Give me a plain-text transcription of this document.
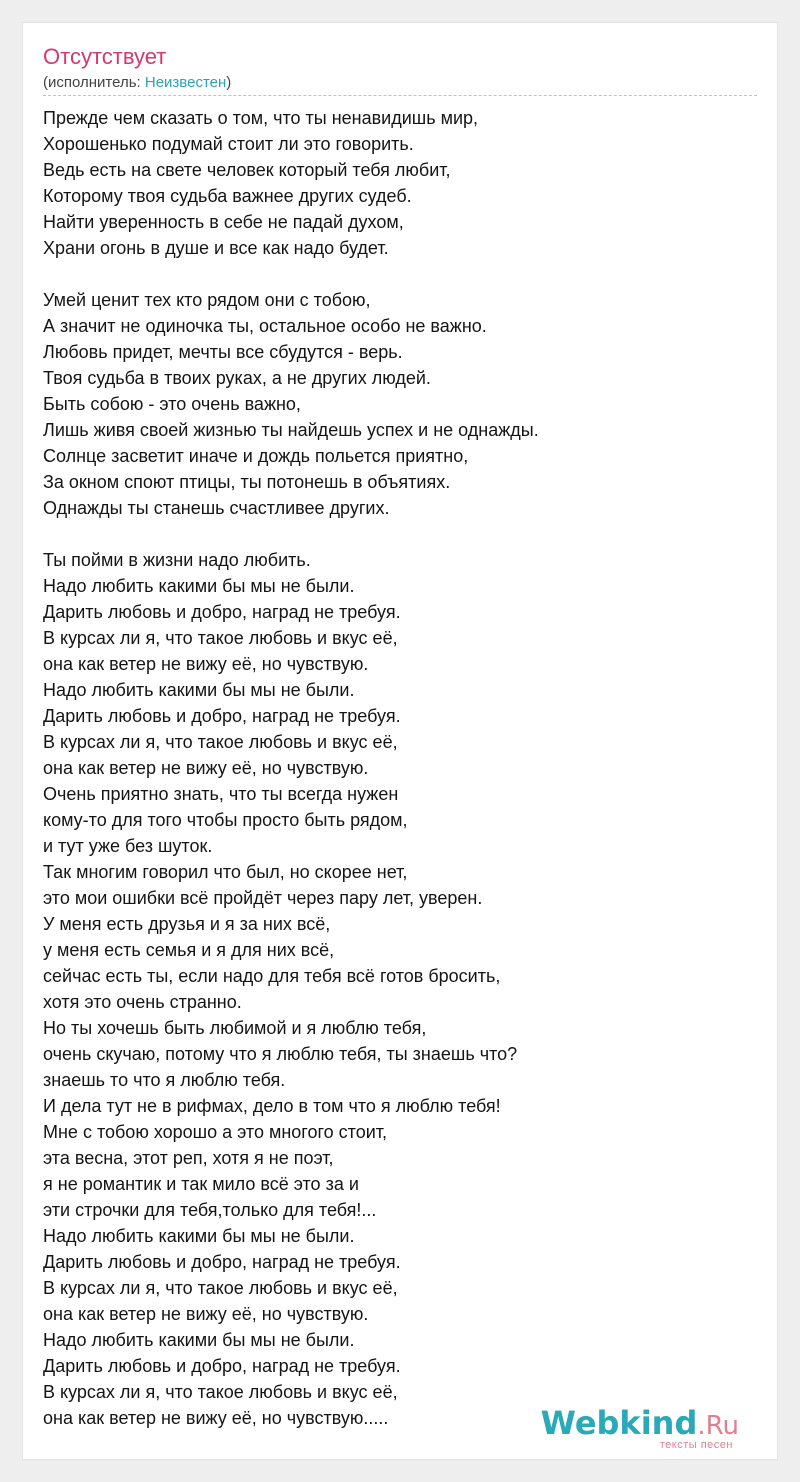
Отсутствует
(исполнитель: Неизвестен)
Прежде чем сказать о том, что ты ненавидишь мир,
Хорошенько подумай стоит ли это говорить.
Ведь есть на свете человек который тебя любит,
Которому твоя судьба важнее других судеб.
Найти уверенность в себе не падай духом,
Храни огонь в душе и все как надо будет.
Умей ценит тех кто рядом они с тобою,
А значит не одиночка ты, остальное особо не важно.
Любовь придет, мечты все сбудутся - верь.
Твоя судьба в твоих руках, а не других людей.
Быть собою - это очень важно,
Лишь живя своей жизнью ты найдешь успех и не однажды.
Солнце засветит иначе и дождь польется приятно,
За окном споют птицы, ты потонешь в объятиях.
Однажды ты станешь счастливее других.
Ты пойми в жизни надо любить.
Надо любить какими бы мы не были.
Дарить любовь и добро, наград не требуя.
В курсах ли я, что такое любовь и вкус её,
она как ветер не вижу её, но чувствую.
Надо любить какими бы мы не были.
Дарить любовь и добро, наград не требуя.
В курсах ли я, что такое любовь и вкус её,
она как ветер не вижу её, но чувствую.
Очень приятно знать, что ты всегда нужен
кому-то для того чтобы просто быть рядом,
и тут уже без шуток.
Так многим говорил что был, но скорее нет,
это мои ошибки всё пройдёт через пару лет, уверен.
У меня есть друзья и я за них всё,
у меня есть семья и я для них всё,
сейчас есть ты, если надо для тебя всё готов бросить,
хотя это очень странно.
Но ты хочешь быть любимой и я люблю тебя,
очень скучаю, потому что я люблю тебя, ты знаешь что?
знаешь то что я люблю тебя.
И дела тут не в рифмах, дело в том что я люблю тебя!
Мне с тобою хорошо а это многого стоит,
эта весна, этот реп, хотя я не поэт,
я не романтик и так мило всё это за и
эти строчки для тебя,только для тебя!...
Надо любить какими бы мы не были.
Дарить любовь и добро, наград не требуя.
В курсах ли я, что такое любовь и вкус её,
она как ветер не вижу её, но чувствую.
Надо любить какими бы мы не были.
Дарить любовь и добро, наград не требуя.
В курсах ли я, что такое любовь и вкус её,
она как ветер не вижу её, но чувствую.....	Webkind.Ru
тексты песен
